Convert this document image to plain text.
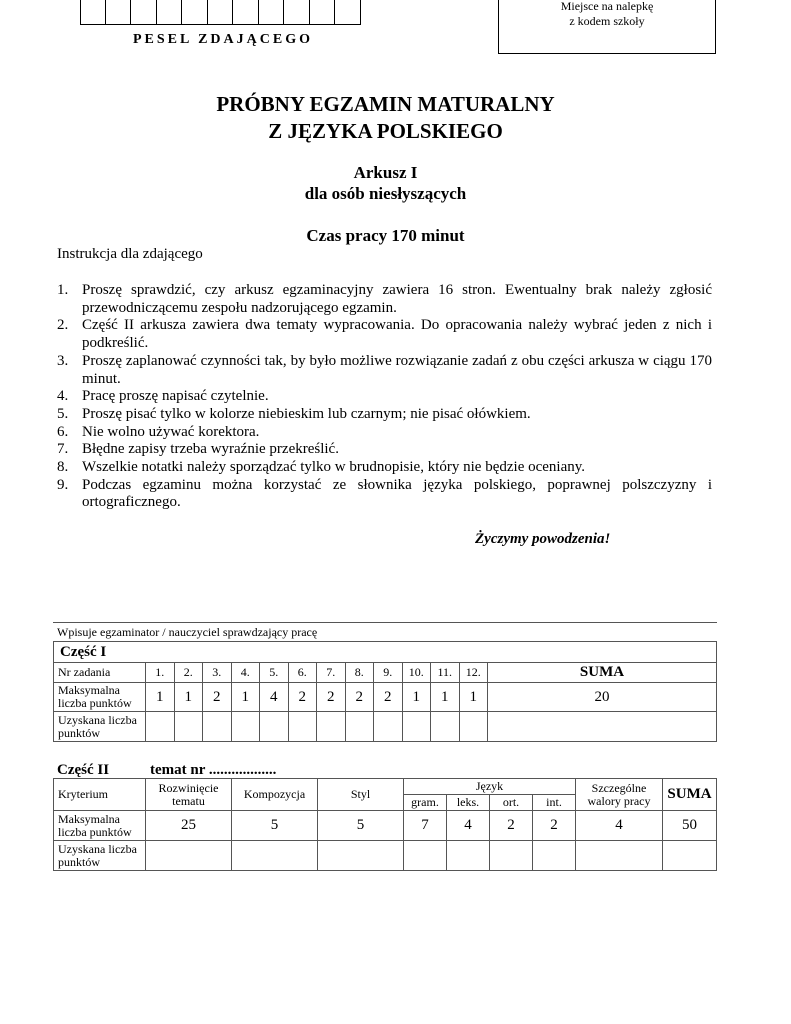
PESEL ZDAJĄCEGO
Miejsce na nalepkę
z kodem szkoły
PRÓBNY EGZAMIN MATURALNY
Z JĘZYKA POLSKIEGO
Arkusz I
dla osób niesłyszących
Czas pracy 170 minut
Instrukcja dla zdającego
1. Proszę sprawdzić, czy arkusz egzaminacyjny zawiera 16 stron. Ewentualny brak należy zgłosić przewodniczącemu zespołu nadzorującego egzamin.
2. Część II arkusza zawiera dwa tematy wypracowania. Do opracowania należy wybrać jeden z nich i podkreślić.
3. Proszę zaplanować czynności tak, by było możliwe rozwiązanie zadań z obu części arkusza w ciągu 170 minut.
4. Pracę proszę napisać czytelnie.
5. Proszę pisać tylko w kolorze niebieskim lub czarnym; nie pisać ołówkiem.
6. Nie wolno używać korektora.
7. Błędne zapisy trzeba wyraźnie przekreślić.
8. Wszelkie notatki należy sporządzać tylko w brudnopisie, który nie będzie oceniany.
9. Podczas egzaminu można korzystać ze słownika języka polskiego, poprawnej polszczyzny i ortograficznego.
Życzymy powodzenia!
Wpisuje egzaminator / nauczyciel sprawdzający pracę
Część I													
Nr zadania	1.	2.	3.	4.	5.	6.	7.	8.	9.	10.	11.	12.	SUMA
Maksymalna liczba punktów	1	1	2	1	4	2	2	2	2	1	1	1	20
Uzyskana liczba punktów													
Część II	temat nr ..................
Kryterium	Rozwinięcie tematu	Kompozycja	Styl	Język				Szczególne walory pracy	SUMA
				gram.	leks.	ort.	int.		
Maksymalna liczba punktów	25	5	5	7	4	2	2	4	50
Uzyskana liczba punktów									
